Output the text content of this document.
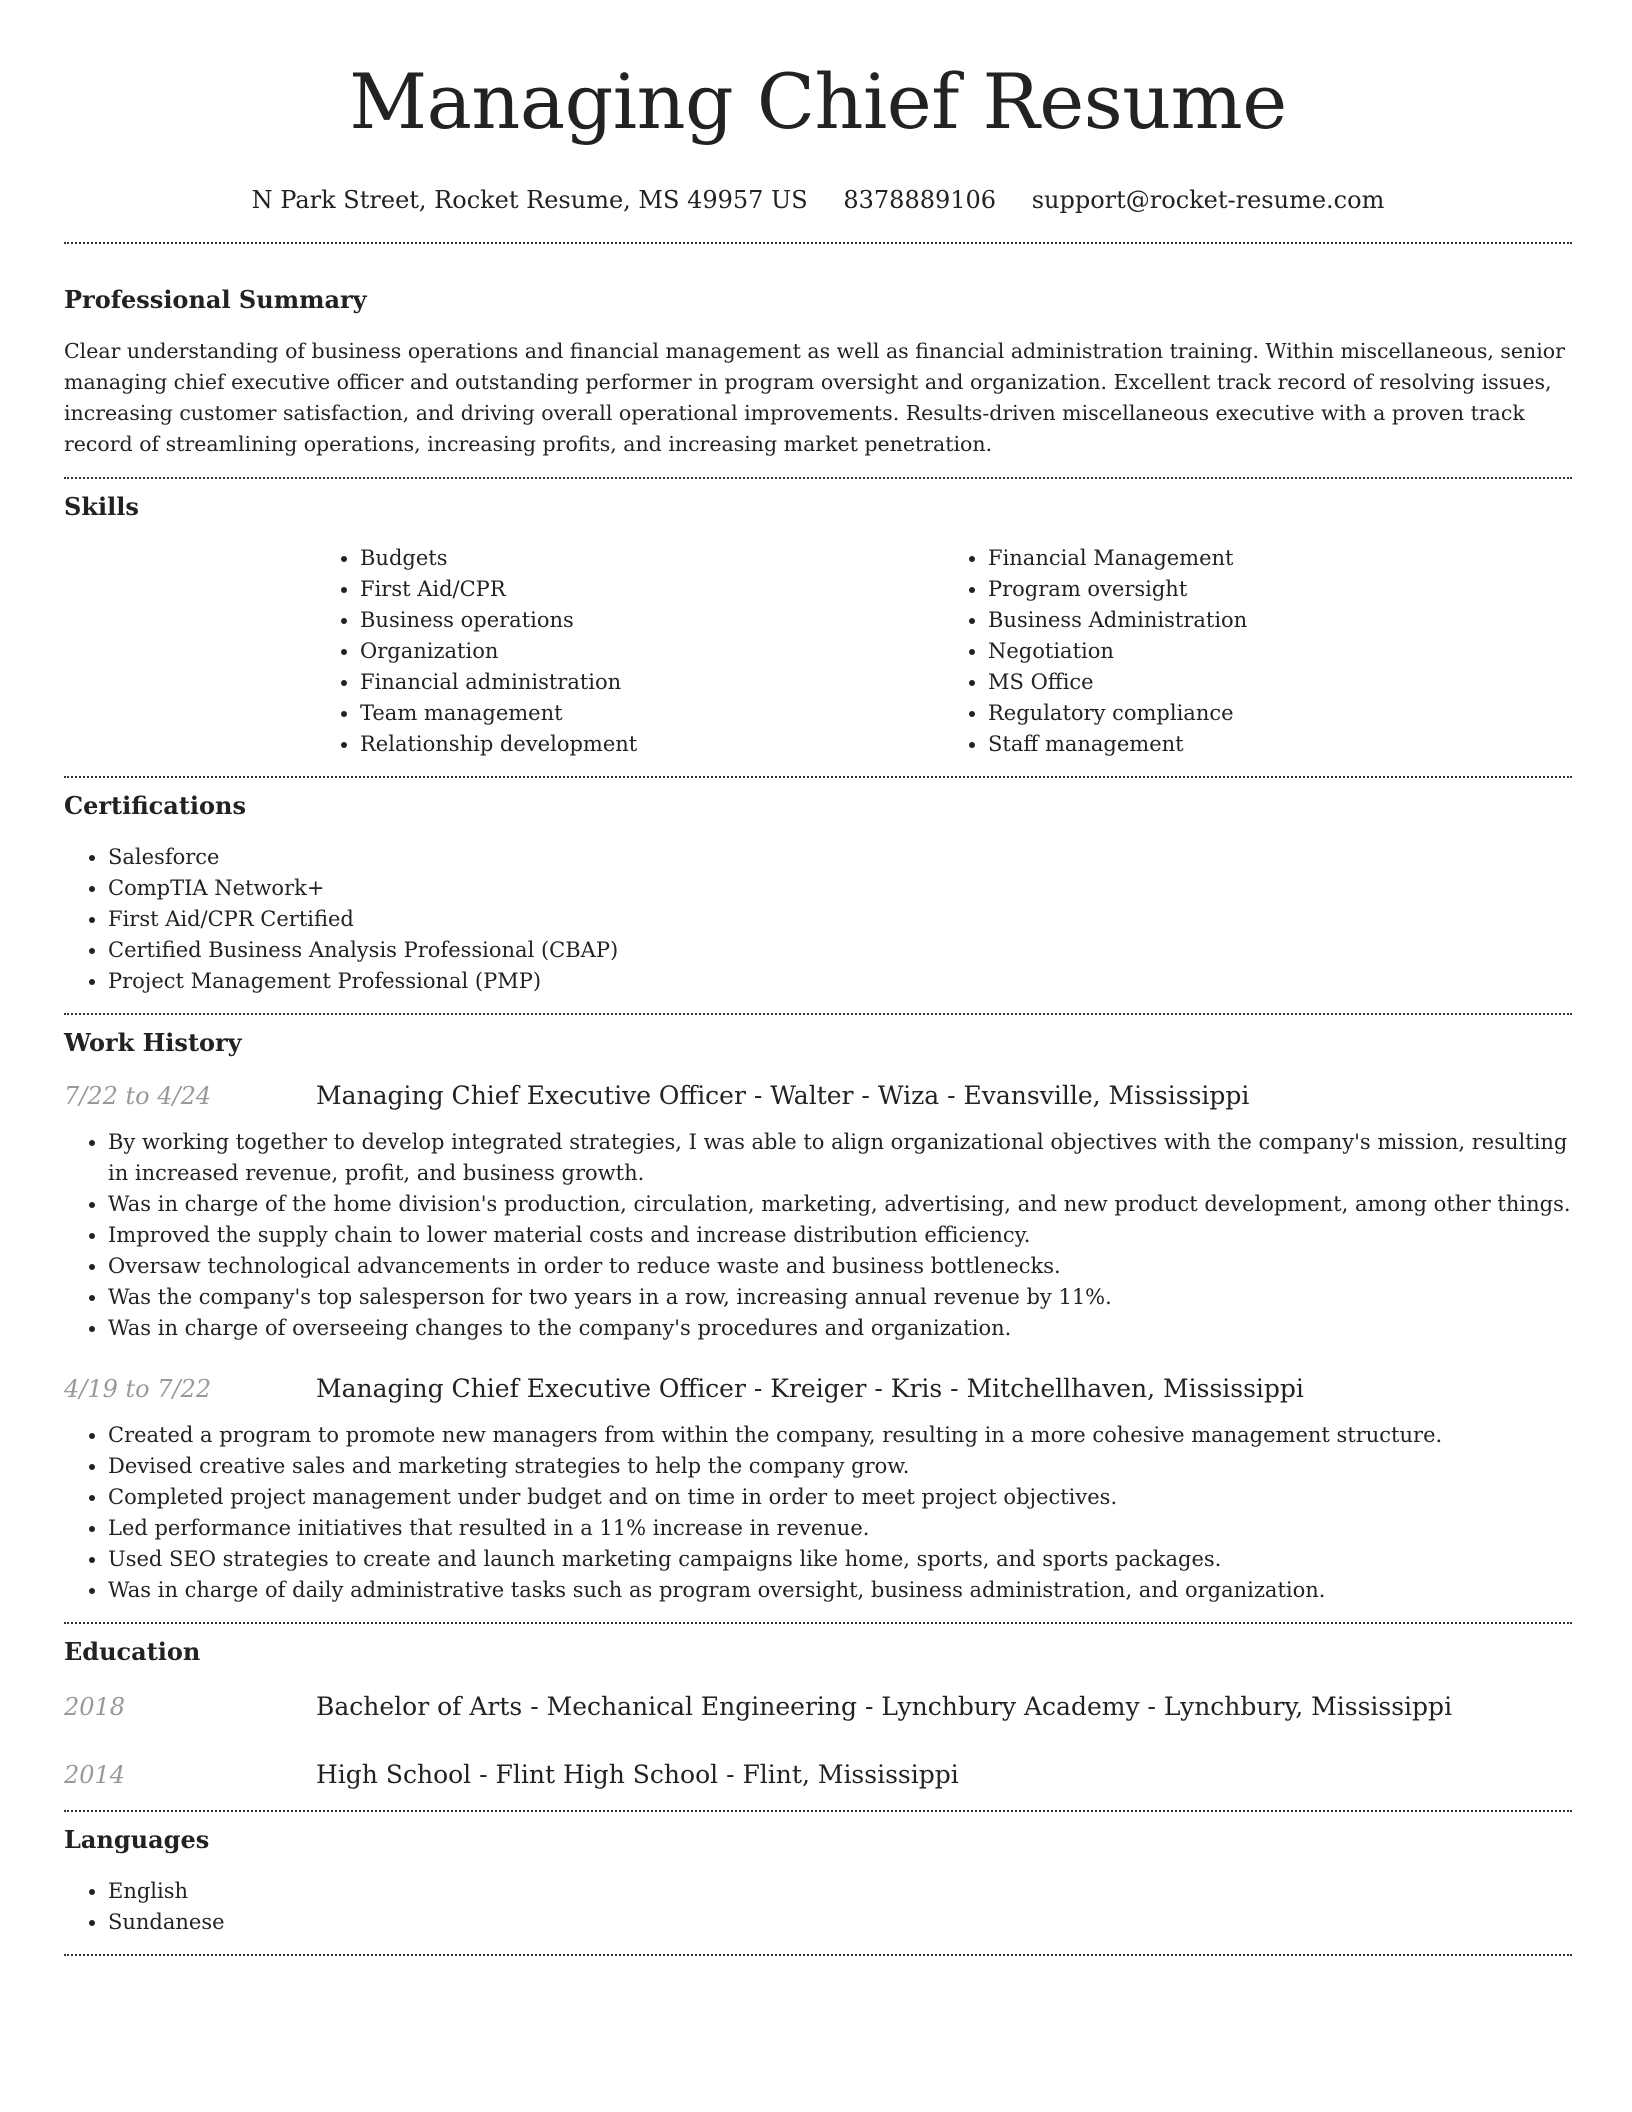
Managing Chief Resume
N Park Street, Rocket Resume, MS 49957 US 8378889106 support@rocket-resume.com
Professional Summary

Clear understanding of business operations and financial management as well as financial administration training. Within miscellaneous, senior managing chief executive officer and outstanding performer in program oversight and organization. Excellent track record of resolving issues, increasing customer satisfaction, and driving overall operational improvements. Results-driven miscellaneous executive with a proven track record of streamlining operations, increasing profits, and increasing market penetration.

Skills
• Budgets
• First Aid/CPR
• Business operations
• Organization
• Financial administration
• Team management
• Relationship development
• Financial Management
• Program oversight
• Business Administration
• Negotiation
• MS Office
• Regulatory compliance
• Staff management
Certifications
• Salesforce
• CompTIA Network+
• First Aid/CPR Certified
• Certified Business Analysis Professional (CBAP)
• Project Management Professional (PMP)
Work History
7/22 to 4/24	Managing Chief Executive Officer - Walter - Wiza - Evansville, Mississippi
• By working together to develop integrated strategies, I was able to align organizational objectives with the company's mission, resulting in increased revenue, profit, and business growth.
• Was in charge of the home division's production, circulation, marketing, advertising, and new product development, among other things.
• Improved the supply chain to lower material costs and increase distribution efficiency.
• Oversaw technological advancements in order to reduce waste and business bottlenecks.
• Was the company's top salesperson for two years in a row, increasing annual revenue by 11%.
• Was in charge of overseeing changes to the company's procedures and organization.
4/19 to 7/22	Managing Chief Executive Officer - Kreiger - Kris - Mitchellhaven, Mississippi
• Created a program to promote new managers from within the company, resulting in a more cohesive management structure.
• Devised creative sales and marketing strategies to help the company grow.
• Completed project management under budget and on time in order to meet project objectives.
• Led performance initiatives that resulted in a 11% increase in revenue.
• Used SEO strategies to create and launch marketing campaigns like home, sports, and sports packages.
• Was in charge of daily administrative tasks such as program oversight, business administration, and organization.
Education
2018	Bachelor of Arts - Mechanical Engineering - Lynchbury Academy - Lynchbury, Mississippi
2014	High School - Flint High School - Flint, Mississippi
Languages
• English
• Sundanese
